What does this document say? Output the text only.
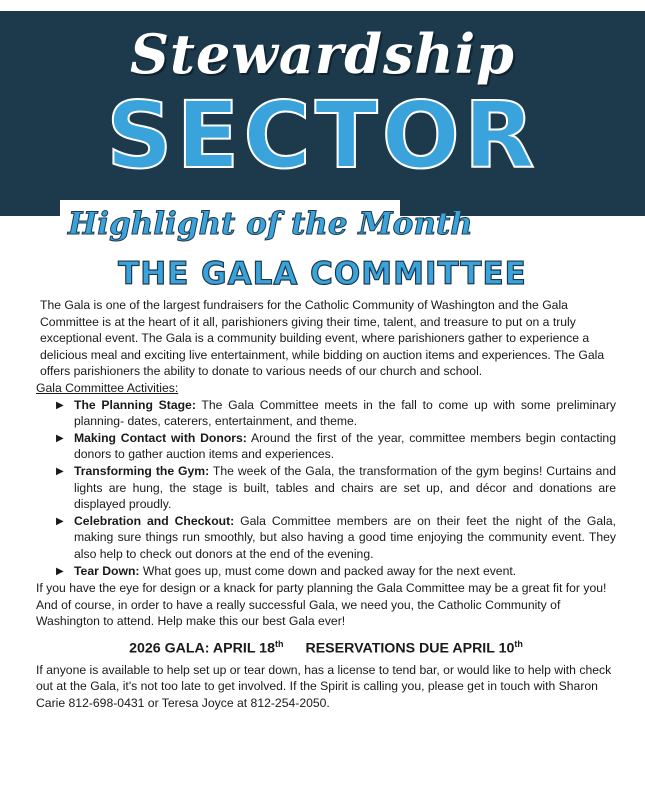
Stewardship
SECTOR
Highlight of the Month
THE GALA COMMITTEE

The Gala is one of the largest fundraisers for the Catholic Community of Washington and the Gala Committee is at the heart of it all, parishioners giving their time, talent, and treasure to put on a truly exceptional event. The Gala is a community building event, where parishioners gather to experience a delicious meal and exciting live entertainment, while bidding on auction items and experiences. The Gala offers parishioners the ability to donate to various needs of our church and school.

Gala Committee Activities:

▶ The Planning Stage: The Gala Committee meets in the fall to come up with some preliminary planning- dates, caterers, entertainment, and theme.
▶ Making Contact with Donors: Around the first of the year, committee members begin contacting donors to gather auction items and experiences.
▶ Transforming the Gym: The week of the Gala, the transformation of the gym begins! Curtains and lights are hung, the stage is built, tables and chairs are set up, and décor and donations are displayed proudly.
▶ Celebration and Checkout: Gala Committee members are on their feet the night of the Gala, making sure things run smoothly, but also having a good time enjoying the community event. They also help to check out donors at the end of the evening.
▶ Tear Down: What goes up, must come down and packed away for the next event.

If you have the eye for design or a knack for party planning the Gala Committee may be a great fit for you! And of course, in order to have a really successful Gala, we need you, the Catholic Community of Washington to attend. Help make this our best Gala ever!

2026 GALA: APRIL 18th RESERVATIONS DUE APRIL 10th

If anyone is available to help set up or tear down, has a license to tend bar, or would like to help with check out at the Gala, it's not too late to get involved. If the Spirit is calling you, please get in touch with Sharon Carie 812-698-0431 or Teresa Joyce at 812-254-2050.
